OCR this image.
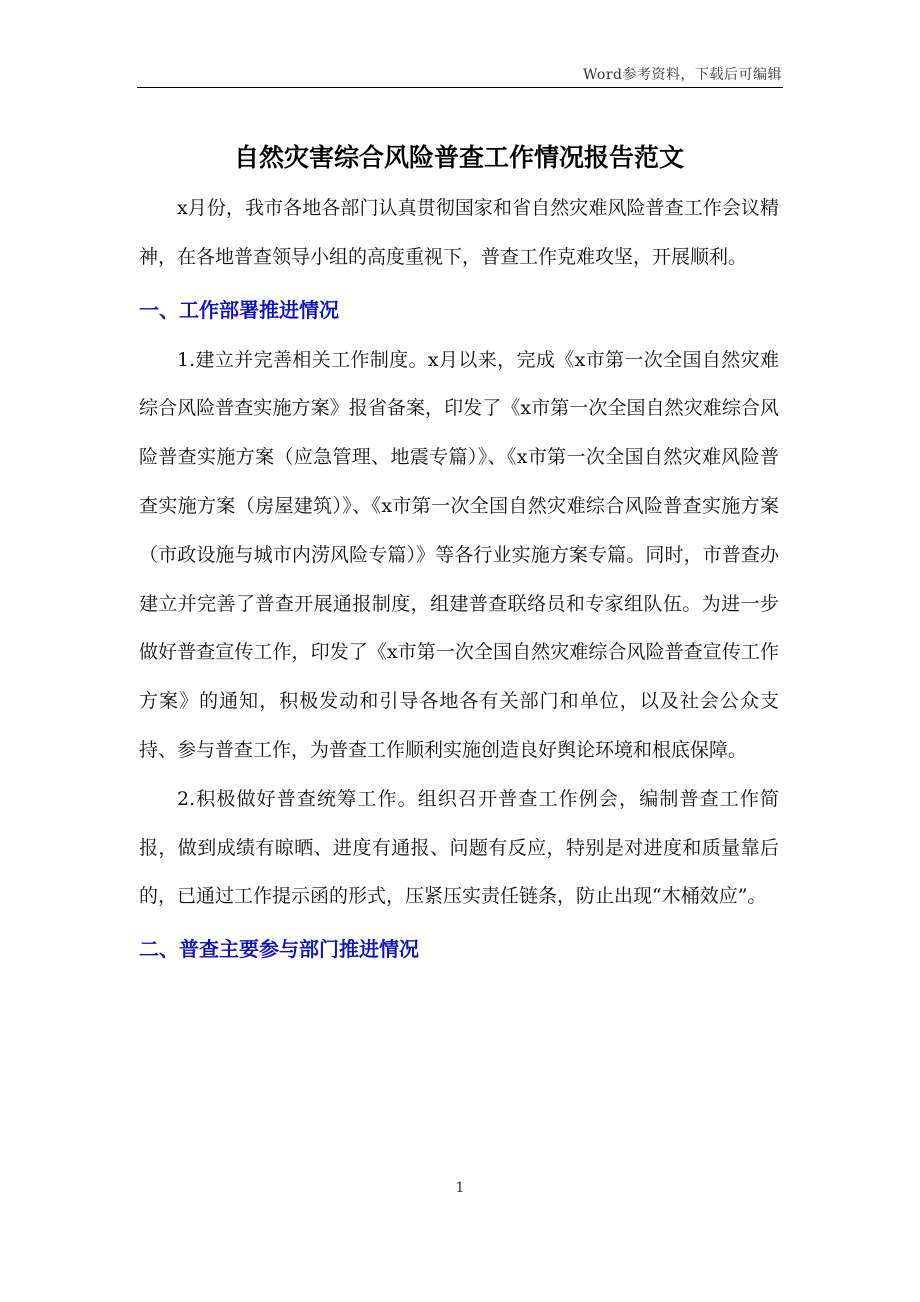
Word参考资料，下载后可编辑
自然灾害综合风险普查工作情况报告范文

x月份，我市各地各部门认真贯彻国家和省自然灾难风险普查工作会议精神，在各地普查领导小组的高度重视下，普查工作克难攻坚，开展顺利。

一、工作部署推进情况

1.建立并完善相关工作制度。x月以来，完成《x市第一次全国自然灾难综合风险普查实施方案》报省备案，印发了《x市第一次全国自然灾难综合风险普查实施方案（应急管理、地震专篇）》、《x市第一次全国自然灾难风险普查实施方案（房屋建筑）》、《x市第一次全国自然灾难综合风险普查实施方案（市政设施与城市内涝风险专篇）》等各行业实施方案专篇。同时，市普查办建立并完善了普查开展通报制度，组建普查联络员和专家组队伍。为进一步做好普查宣传工作，印发了《x市第一次全国自然灾难综合风险普查宣传工作方案》的通知，积极发动和引导各地各有关部门和单位，以及社会公众支持、参与普查工作，为普查工作顺利实施创造良好舆论环境和根底保障。

2.积极做好普查统筹工作。组织召开普查工作例会，编制普查工作简报，做到成绩有晾晒、进度有通报、问题有反应，特别是对进度和质量靠后的，已通过工作提示函的形式，压紧压实责任链条，防止出现“木桶效应”。

二、普查主要参与部门推进情况
1
